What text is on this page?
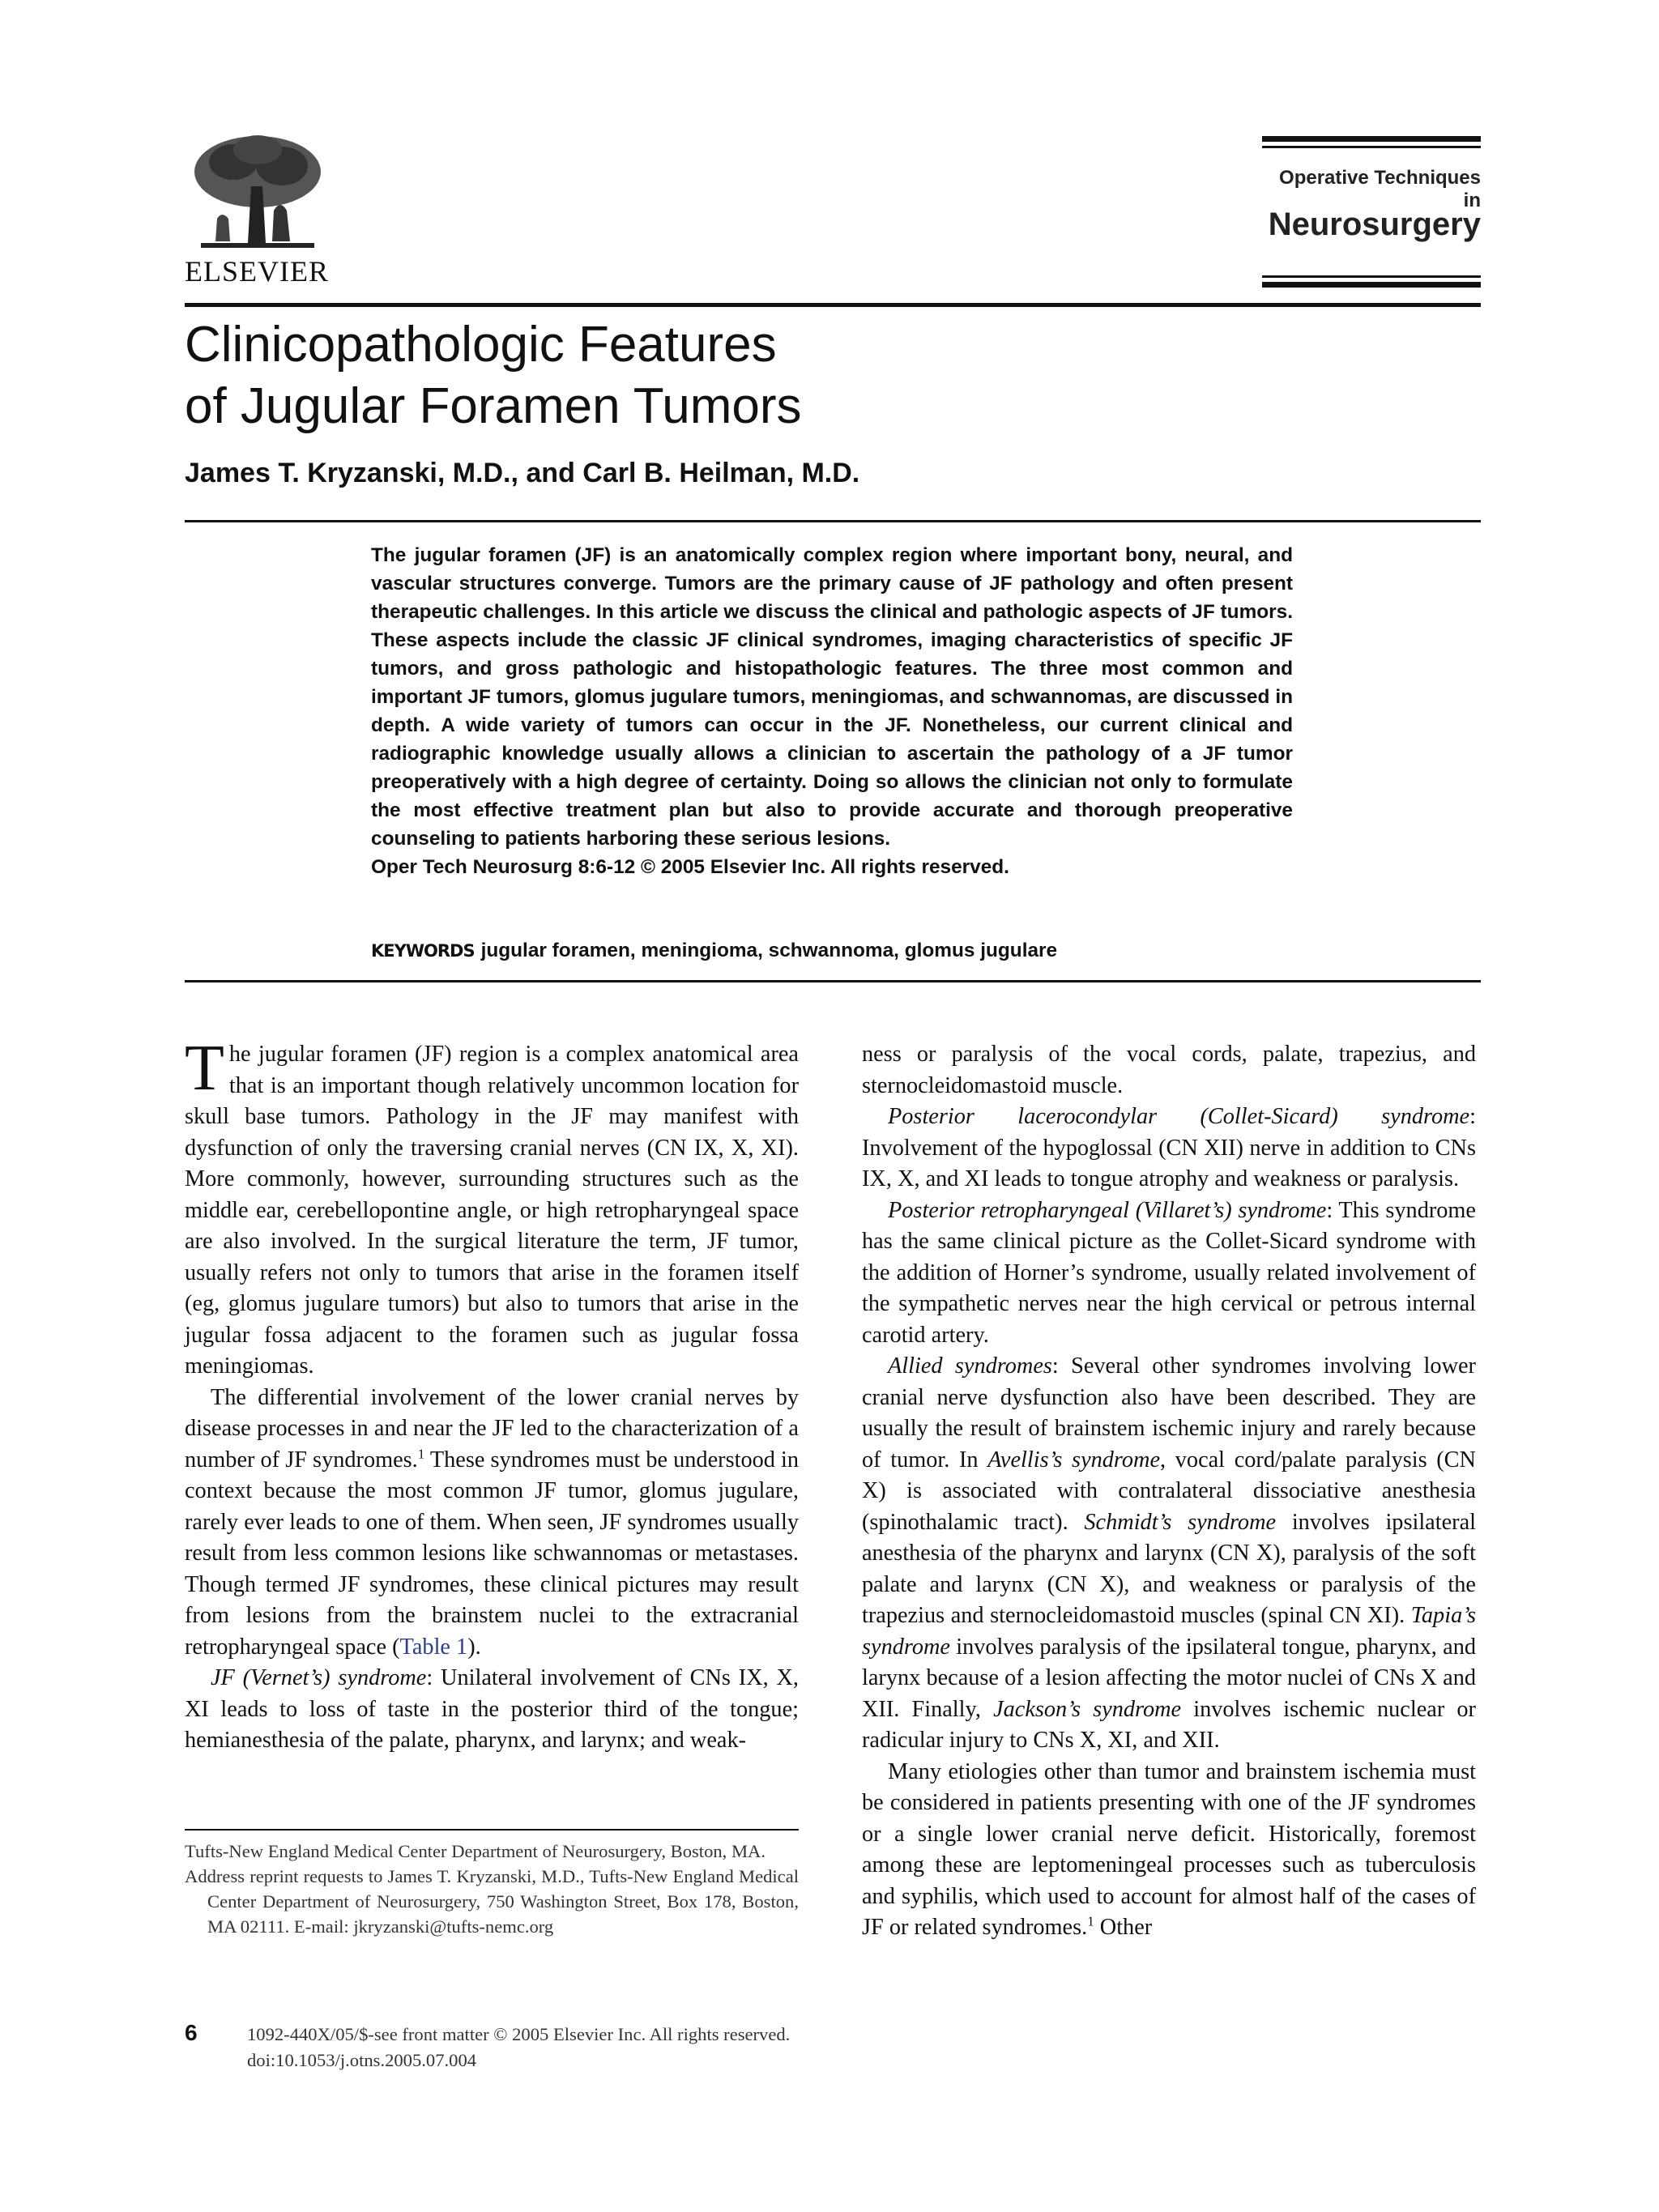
ELSEVIER
Operative Techniques in
Neurosurgery
Clinicopathologic Features
of Jugular Foramen Tumors
James T. Kryzanski, M.D., and Carl B. Heilman, M.D.

The jugular foramen (JF) is an anatomically complex region where important bony, neural, and vascular structures converge. Tumors are the primary cause of JF pathology and often present therapeutic challenges. In this article we discuss the clinical and pathologic aspects of JF tumors. These aspects include the classic JF clinical syndromes, imaging characteristics of specific JF tumors, and gross pathologic and histopathologic features. The three most common and important JF tumors, glomus jugulare tumors, meningiomas, and schwannomas, are discussed in depth. A wide variety of tumors can occur in the JF. Nonetheless, our current clinical and radiographic knowledge usually allows a clinician to ascertain the pathology of a JF tumor preoperatively with a high degree of certainty. Doing so allows the clinician not only to formulate the most effective treatment plan but also to provide accurate and thorough preoperative counseling to patients harboring these serious lesions.

Oper Tech Neurosurg 8:6-12 © 2005 Elsevier Inc. All rights reserved.

KEYWORDS jugular foramen, meningioma, schwannoma, glomus jugulare

The jugular foramen (JF) region is a complex anatomical area that is an important though relatively uncommon location for skull base tumors. Pathology in the JF may manifest with dysfunction of only the traversing cranial nerves (CN IX, X, XI). More commonly, however, surrounding structures such as the middle ear, cerebellopontine angle, or high retropharyngeal space are also involved. In the surgical literature the term, JF tumor, usually refers not only to tumors that arise in the foramen itself (eg, glomus jugulare tumors) but also to tumors that arise in the jugular fossa adjacent to the foramen such as jugular fossa meningiomas.

The differential involvement of the lower cranial nerves by disease processes in and near the JF led to the characterization of a number of JF syndromes.$^1$ These syndromes must be understood in context because the most common JF tumor, glomus jugulare, rarely ever leads to one of them. When seen, JF syndromes usually result from less common lesions like schwannomas or metastases. Though termed JF syndromes, these clinical pictures may result from lesions from the brainstem nuclei to the extracranial retropharyngeal space (Table 1).

JF (Vernet’s) syndrome: Unilateral involvement of CNs IX, X, XI leads to loss of taste in the posterior third of the tongue; hemianesthesia of the palate, pharynx, and larynx; and weak-

Tufts-New England Medical Center Department of Neurosurgery, Boston, MA.

Address reprint requests to James T. Kryzanski, M.D., Tufts-New England Medical Center Department of Neurosurgery, 750 Washington Street, Box 178, Boston, MA 02111. E-mail: jkryzanski@tufts-nemc.org

ness or paralysis of the vocal cords, palate, trapezius, and sternocleidomastoid muscle.

Posterior lacerocondylar (Collet-Sicard) syndrome: Involvement of the hypoglossal (CN XII) nerve in addition to CNs IX, X, and XI leads to tongue atrophy and weakness or paralysis.

Posterior retropharyngeal (Villaret’s) syndrome: This syndrome has the same clinical picture as the Collet-Sicard syndrome with the addition of Horner’s syndrome, usually related involvement of the sympathetic nerves near the high cervical or petrous internal carotid artery.

Allied syndromes: Several other syndromes involving lower cranial nerve dysfunction also have been described. They are usually the result of brainstem ischemic injury and rarely because of tumor. In Avellis’s syndrome, vocal cord/palate paralysis (CN X) is associated with contralateral dissociative anesthesia (spinothalamic tract). Schmidt’s syndrome involves ipsilateral anesthesia of the pharynx and larynx (CN X), paralysis of the soft palate and larynx (CN X), and weakness or paralysis of the trapezius and sternocleidomastoid muscles (spinal CN XI). Tapia’s syndrome involves paralysis of the ipsilateral tongue, pharynx, and larynx because of a lesion affecting the motor nuclei of CNs X and XII. Finally, Jackson’s syndrome involves ischemic nuclear or radicular injury to CNs X, XI, and XII.

Many etiologies other than tumor and brainstem ischemia must be considered in patients presenting with one of the JF syndromes or a single lower cranial nerve deficit. Historically, foremost among these are leptomeningeal processes such as tuberculosis and syphilis, which used to account for almost half of the cases of JF or related syndromes.$^1$ Other

6	1092-440X/05/$-see front matter © 2005 Elsevier Inc. All rights reserved.
doi:10.1053/j.otns.2005.07.004
